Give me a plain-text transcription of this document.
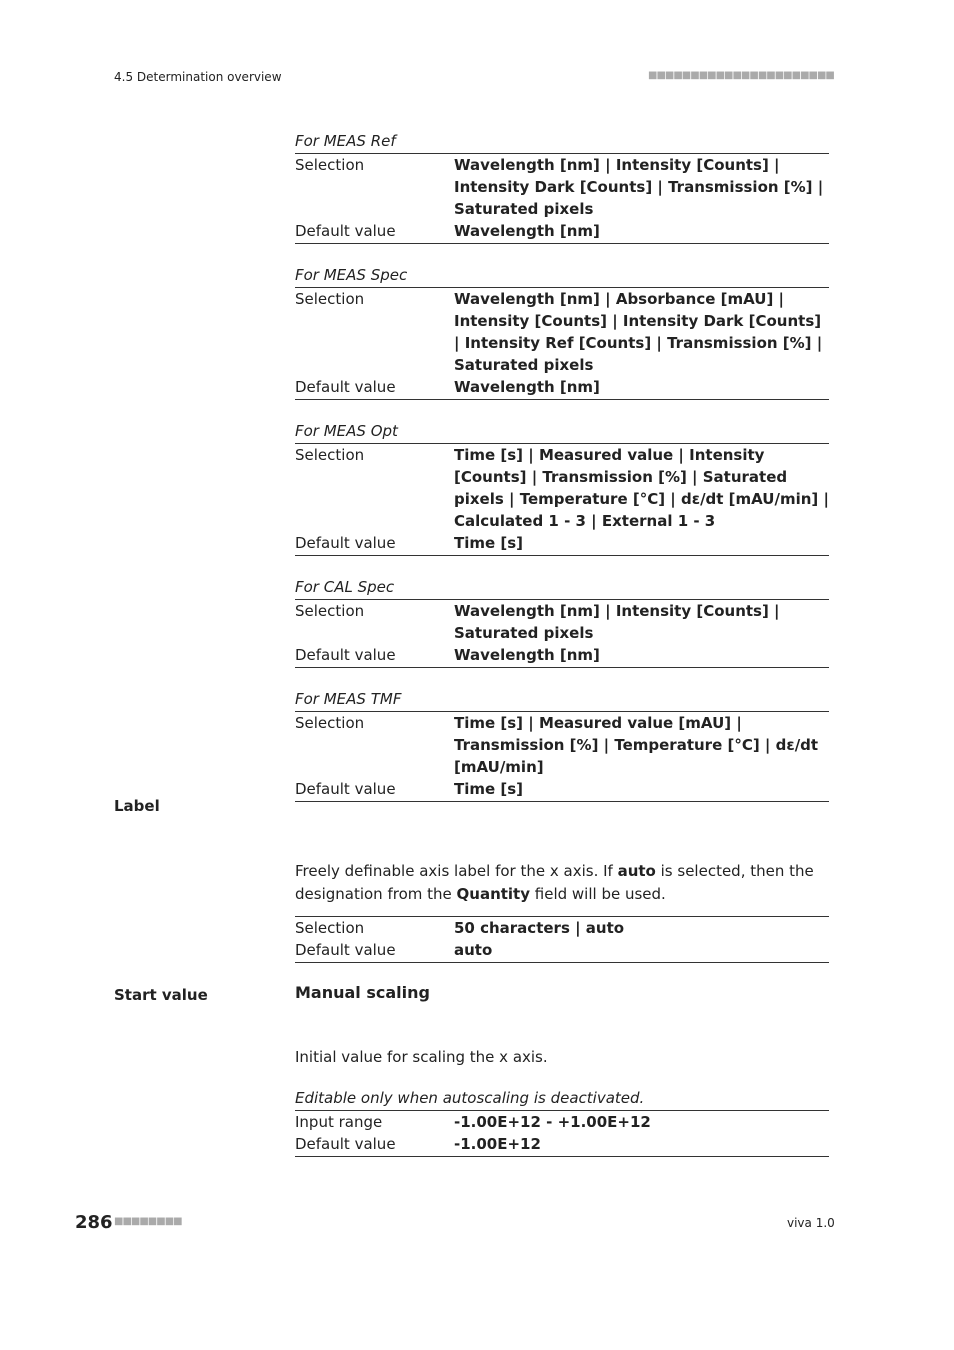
4.5 Determination overview	■■■■■■■■■■■■■■■■■■■■■■
For MEAS Ref
Selection	Wavelength [nm] | Intensity [Counts] | Intensity Dark [Counts] | Transmission [%] | Saturated pixels
Default value	Wavelength [nm]
For MEAS Spec
Selection	Wavelength [nm] | Absorbance [mAU] | Intensity [Counts] | Intensity Dark [Counts] | Intensity Ref [Counts] | Transmission [%] | Saturated pixels
Default value	Wavelength [nm]
For MEAS Opt
Selection	Time [s] | Measured value | Intensity [Counts] | Transmission [%] | Saturated pixels | Temperature [°C] | dε/dt [mAU/min] | Calculated 1 - 3 | External 1 - 3
Default value	Time [s]
For CAL Spec
Selection	Wavelength [nm] | Intensity [Counts] | Saturated pixels
Default value	Wavelength [nm]
For MEAS TMF
Selection	Time [s] | Measured value [mAU] | Transmission [%] | Temperature [°C] | dε/dt [mAU/min]
Default value	Time [s]
Freely definable axis label for the x axis. If auto is selected, then the designation from the Quantity field will be used.
Selection	50 characters | auto
Default value	auto
Manual scaling
Initial value for scaling the x axis.
Editable only when autoscaling is deactivated.
Input range	-1.00E+12 - +1.00E+12
Default value	-1.00E+12
Label
Start value
286 ■■■■■■■■	viva 1.0
